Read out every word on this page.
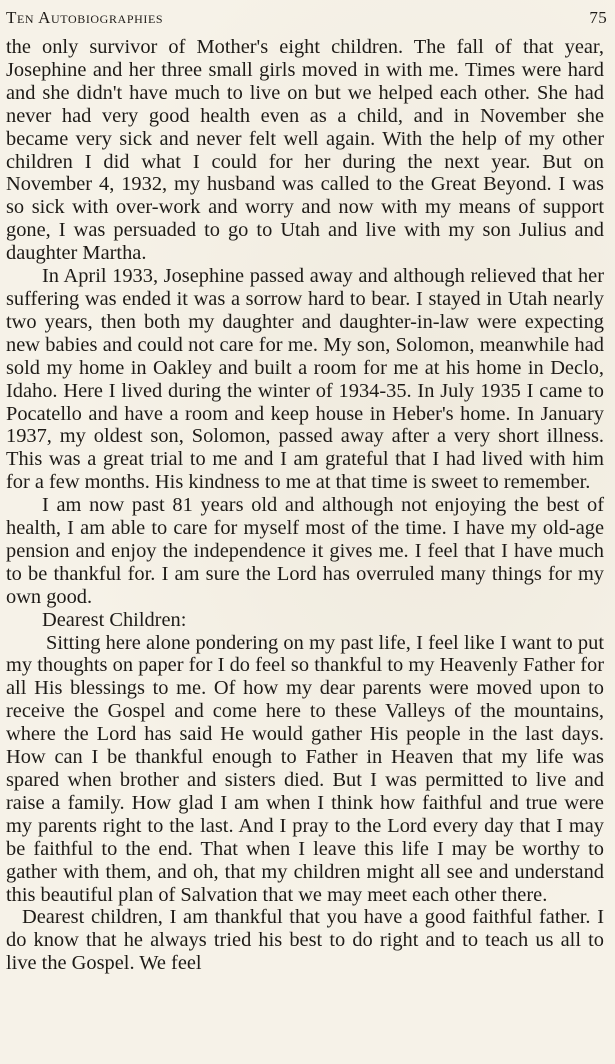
Ten Autobiographies	75

the only survivor of Mother's eight children. The fall of that year, Josephine and her three small girls moved in with me. Times were hard and she didn't have much to live on but we helped each other. She had never had very good health even as a child, and in November she became very sick and never felt well again. With the help of my other children I did what I could for her during the next year. But on November 4, 1932, my husband was called to the Great Beyond. I was so sick with over-work and worry and now with my means of support gone, I was persuaded to go to Utah and live with my son Julius and daughter Martha.

In April 1933, Josephine passed away and although relieved that her suffering was ended it was a sorrow hard to bear. I stayed in Utah nearly two years, then both my daughter and daughter-in-law were expecting new babies and could not care for me. My son, Solomon, meanwhile had sold my home in Oakley and built a room for me at his home in Declo, Idaho. Here I lived during the winter of 1934-35. In July 1935 I came to Pocatello and have a room and keep house in Heber's home. In January 1937, my oldest son, Solomon, passed away after a very short illness. This was a great trial to me and I am grateful that I had lived with him for a few months. His kindness to me at that time is sweet to remember.

I am now past 81 years old and although not enjoying the best of health, I am able to care for myself most of the time. I have my old-age pension and enjoy the independence it gives me. I feel that I have much to be thankful for. I am sure the Lord has overruled many things for my own good.

Dearest Children:

Sitting here alone pondering on my past life, I feel like I want to put my thoughts on paper for I do feel so thankful to my Heavenly Father for all His blessings to me. Of how my dear parents were moved upon to receive the Gospel and come here to these Valleys of the mountains, where the Lord has said He would gather His people in the last days. How can I be thankful enough to Father in Heaven that my life was spared when brother and sisters died. But I was permitted to live and raise a family. How glad I am when I think how faithful and true were my parents right to the last. And I pray to the Lord every day that I may be faithful to the end. That when I leave this life I may be worthy to gather with them, and oh, that my children might all see and understand this beautiful plan of Salvation that we may meet each other there.

Dearest children, I am thankful that you have a good faithful father. I do know that he always tried his best to do right and to teach us all to live the Gospel. We feel
